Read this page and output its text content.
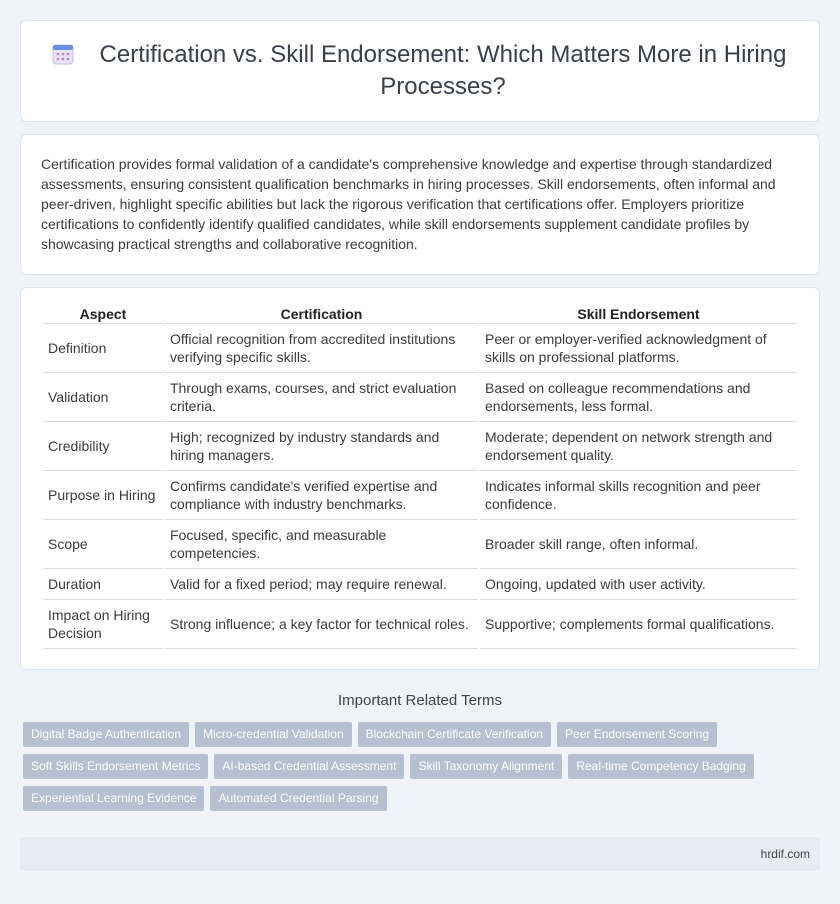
Certification vs. Skill Endorsement: Which Matters More in Hiring Processes?

Certification provides formal validation of a candidate's comprehensive knowledge and expertise through standardized assessments, ensuring consistent qualification benchmarks in hiring processes. Skill endorsements, often informal and peer-driven, highlight specific abilities but lack the rigorous verification that certifications offer. Employers prioritize certifications to confidently identify qualified candidates, while skill endorsements supplement candidate profiles by showcasing practical strengths and collaborative recognition.

Aspect	Certification	Skill Endorsement
Definition	Official recognition from accredited institutions verifying specific skills.	Peer or employer-verified acknowledgment of skills on professional platforms.
Validation	Through exams, courses, and strict evaluation criteria.	Based on colleague recommendations and endorsements, less formal.
Credibility	High; recognized by industry standards and hiring managers.	Moderate; dependent on network strength and endorsement quality.
Purpose in Hiring	Confirms candidate's verified expertise and compliance with industry benchmarks.	Indicates informal skills recognition and peer confidence.
Scope	Focused, specific, and measurable competencies.	Broader skill range, often informal.
Duration	Valid for a fixed period; may require renewal.	Ongoing, updated with user activity.
Impact on Hiring Decision	Strong influence; a key factor for technical roles.	Supportive; complements formal qualifications.
Important Related Terms
Digital Badge Authentication	Micro-credential Validation	Blockchain Certificate Verification	Peer Endorsement Scoring
Soft Skills Endorsement Metrics	AI-based Credential Assessment	Skill Taxonomy Alignment	Real-time Competency Badging
Experiential Learning Evidence	Automated Credential Parsing
hrdif.com
